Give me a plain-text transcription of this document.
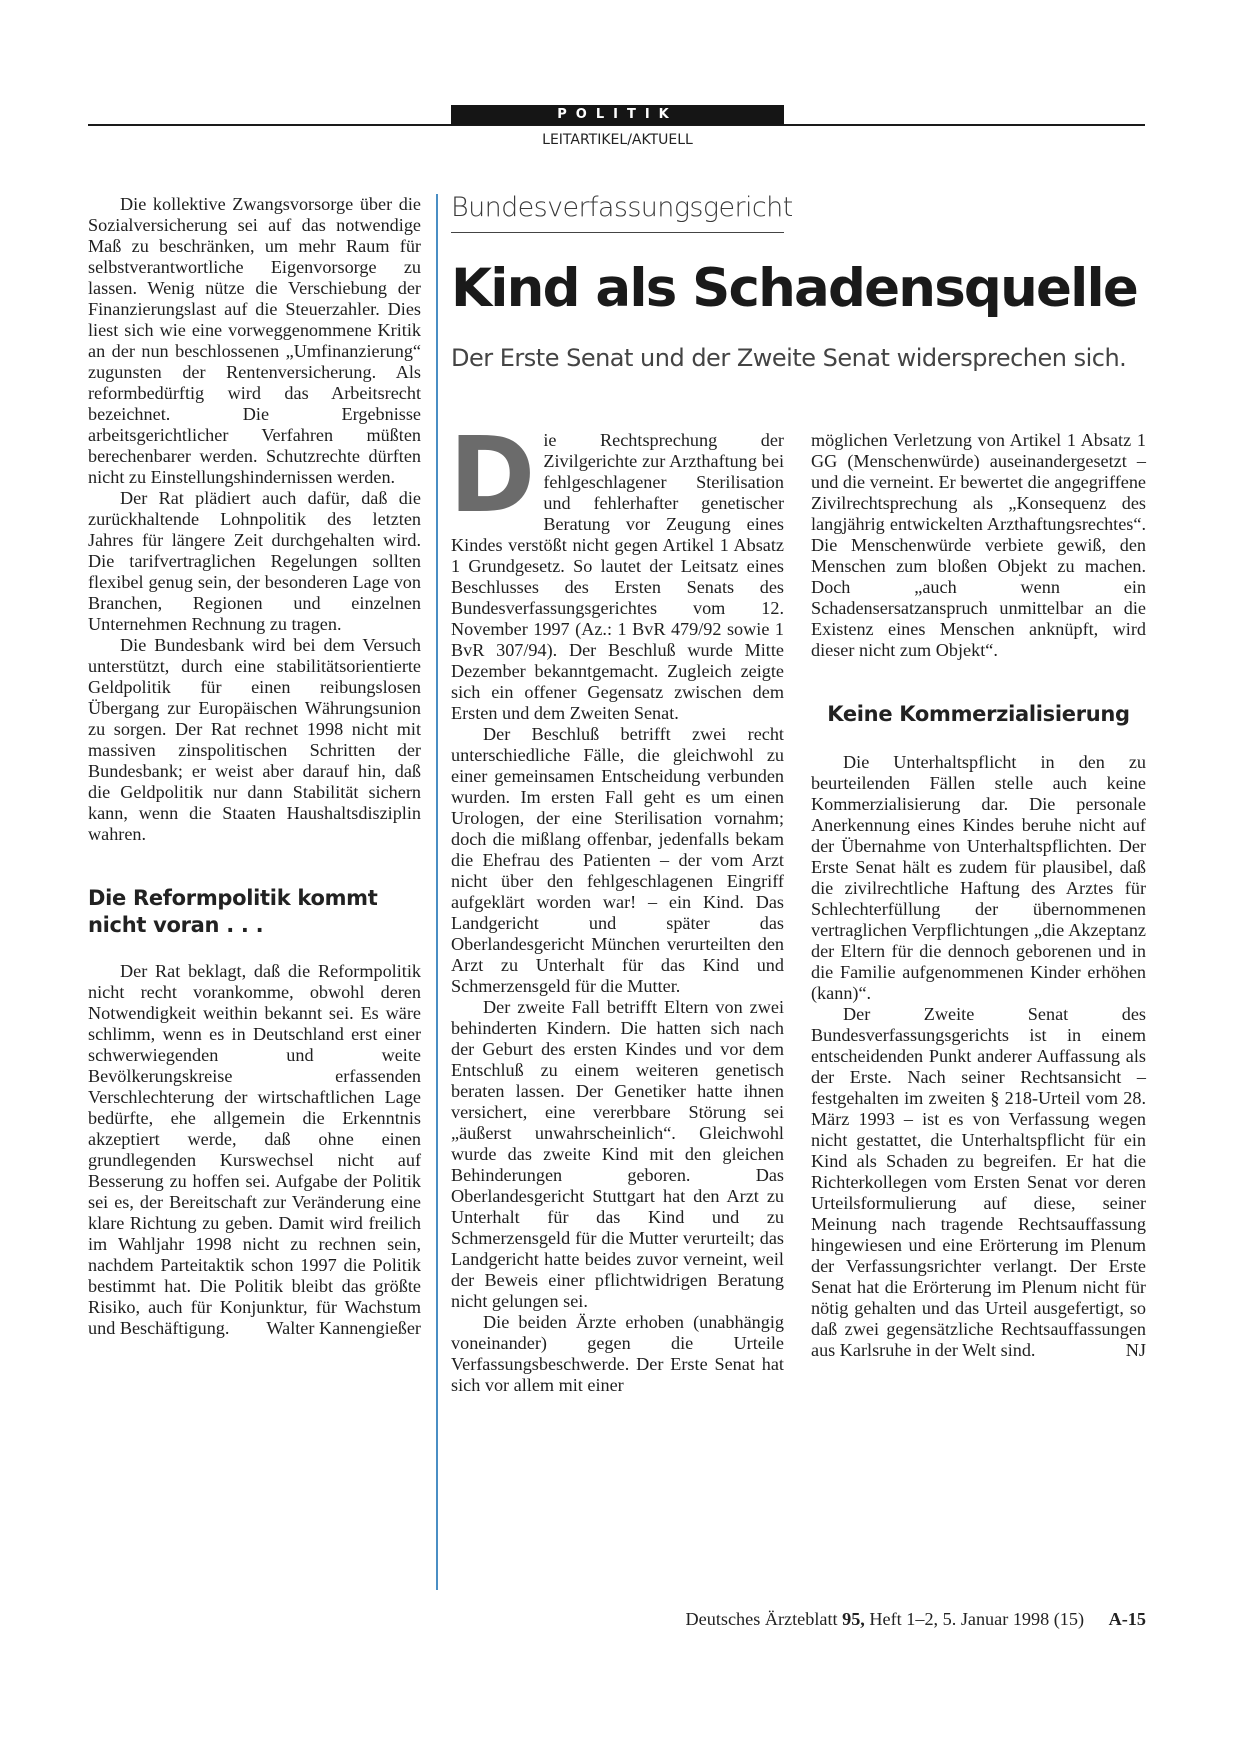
POLITIK
LEITARTIKEL/AKTUELL

Die kollektive Zwangsvorsorge über die Sozialversicherung sei auf das notwendige Maß zu beschränken, um mehr Raum für selbstverantwortliche Eigenvorsorge zu lassen. Wenig nütze die Verschiebung der Finanzierungslast auf die Steuerzahler. Dies liest sich wie eine vorweggenommene Kritik an der nun beschlossenen „Umfinanzierung“ zugunsten der Rentenversicherung. Als reformbedürftig wird das Arbeitsrecht bezeichnet. Die Ergebnisse arbeitsgerichtlicher Verfahren müßten berechenbarer werden. Schutzrechte dürften nicht zu Einstellungshindernissen werden.

Der Rat plädiert auch dafür, daß die zurückhaltende Lohnpolitik des letzten Jahres für längere Zeit durchgehalten wird. Die tarifvertraglichen Regelungen sollten flexibel genug sein, der besonderen Lage von Branchen, Regionen und einzelnen Unternehmen Rechnung zu tragen.

Die Bundesbank wird bei dem Versuch unterstützt, durch eine stabilitätsorientierte Geldpolitik für einen reibungslosen Übergang zur Europäischen Währungsunion zu sorgen. Der Rat rechnet 1998 nicht mit massiven zinspolitischen Schritten der Bundesbank; er weist aber darauf hin, daß die Geldpolitik nur dann Stabilität sichern kann, wenn die Staaten Haushaltsdisziplin wahren.

Die Reformpolitik kommt nicht voran . . .

Der Rat beklagt, daß die Reformpolitik nicht recht vorankomme, obwohl deren Notwendigkeit weithin bekannt sei. Es wäre schlimm, wenn es in Deutschland erst einer schwerwiegenden und weite Bevölkerungskreise erfassenden Verschlechterung der wirtschaftlichen Lage bedürfte, ehe allgemein die Erkenntnis akzeptiert werde, daß ohne einen grundlegenden Kurswechsel nicht auf Besserung zu hoffen sei. Aufgabe der Politik sei es, der Bereitschaft zur Veränderung eine klare Richtung zu geben. Damit wird freilich im Wahljahr 1998 nicht zu rechnen sein, nachdem Parteitaktik schon 1997 die Politik bestimmt hat. Die Politik bleibt das größte Risiko, auch für Konjunktur, für Wachstum und Beschäftigung.	Walter Kannengießer
Bundesverfassungsgericht
Kind als Schadensquelle
Der Erste Senat und der Zweite Senat widersprechen sich.

D ie Rechtsprechung der Zivilgerichte zur Arzthaftung bei fehlgeschlagener Sterilisation und fehlerhafter genetischer Beratung vor Zeugung eines Kindes verstößt nicht gegen Artikel 1 Absatz 1 Grundgesetz. So lautet der Leitsatz eines Beschlusses des Ersten Senats des Bundesverfassungsgerichtes vom 12. November 1997 (Az.: 1 BvR 479/92 sowie 1 BvR 307/94). Der Beschluß wurde Mitte Dezember bekanntgemacht. Zugleich zeigte sich ein offener Gegensatz zwischen dem Ersten und dem Zweiten Senat.

Der Beschluß betrifft zwei recht unterschiedliche Fälle, die gleichwohl zu einer gemeinsamen Entscheidung verbunden wurden. Im ersten Fall geht es um einen Urologen, der eine Sterilisation vornahm; doch die mißlang offenbar, jedenfalls bekam die Ehefrau des Patienten – der vom Arzt nicht über den fehlgeschlagenen Eingriff aufgeklärt worden war! – ein Kind. Das Landgericht und später das Oberlandesgericht München verurteilten den Arzt zu Unterhalt für das Kind und Schmerzensgeld für die Mutter.

Der zweite Fall betrifft Eltern von zwei behinderten Kindern. Die hatten sich nach der Geburt des ersten Kindes und vor dem Entschluß zu einem weiteren genetisch beraten lassen. Der Genetiker hatte ihnen versichert, eine vererbbare Störung sei „äußerst unwahrscheinlich“. Gleichwohl wurde das zweite Kind mit den gleichen Behinderungen geboren. Das Oberlandesgericht Stuttgart hat den Arzt zu Unterhalt für das Kind und zu Schmerzensgeld für die Mutter verurteilt; das Landgericht hatte beides zuvor verneint, weil der Beweis einer pflichtwidrigen Beratung nicht gelungen sei.

Die beiden Ärzte erhoben (unabhängig voneinander) gegen die Urteile Verfassungsbeschwerde. Der Erste Senat hat sich vor allem mit einer

möglichen Verletzung von Artikel 1 Absatz 1 GG (Menschenwürde) auseinandergesetzt – und die verneint. Er bewertet die angegriffene Zivilrechtsprechung als „Konsequenz des langjährig entwickelten Arzthaftungsrechtes“. Die Menschenwürde verbiete gewiß, den Menschen zum bloßen Objekt zu machen. Doch „auch wenn ein Schadensersatzanspruch unmittelbar an die Existenz eines Menschen anknüpft, wird dieser nicht zum Objekt“.

Keine Kommerzialisierung

Die Unterhaltspflicht in den zu beurteilenden Fällen stelle auch keine Kommerzialisierung dar. Die personale Anerkennung eines Kindes beruhe nicht auf der Übernahme von Unterhaltspflichten. Der Erste Senat hält es zudem für plausibel, daß die zivilrechtliche Haftung des Arztes für Schlechterfüllung der übernommenen vertraglichen Verpflichtungen „die Akzeptanz der Eltern für die dennoch geborenen und in die Familie aufgenommenen Kinder erhöhen (kann)“.

Der Zweite Senat des Bundesverfassungsgerichts ist in einem entscheidenden Punkt anderer Auffassung als der Erste. Nach seiner Rechtsansicht – festgehalten im zweiten § 218-Urteil vom 28. März 1993 – ist es von Verfassung wegen nicht gestattet, die Unterhaltspflicht für ein Kind als Schaden zu begreifen. Er hat die Richterkollegen vom Ersten Senat vor deren Urteilsformulierung auf diese, seiner Meinung nach tragende Rechtsauffassung hingewiesen und eine Erörterung im Plenum der Verfassungsrichter verlangt. Der Erste Senat hat die Erörterung im Plenum nicht für nötig gehalten und das Urteil ausgefertigt, so daß zwei gegensätzliche Rechtsauffassungen aus Karlsruhe in der Welt sind.	NJ
Deutsches Ärzteblatt 95, Heft 1–2, 5. Januar 1998 (15) A-15
